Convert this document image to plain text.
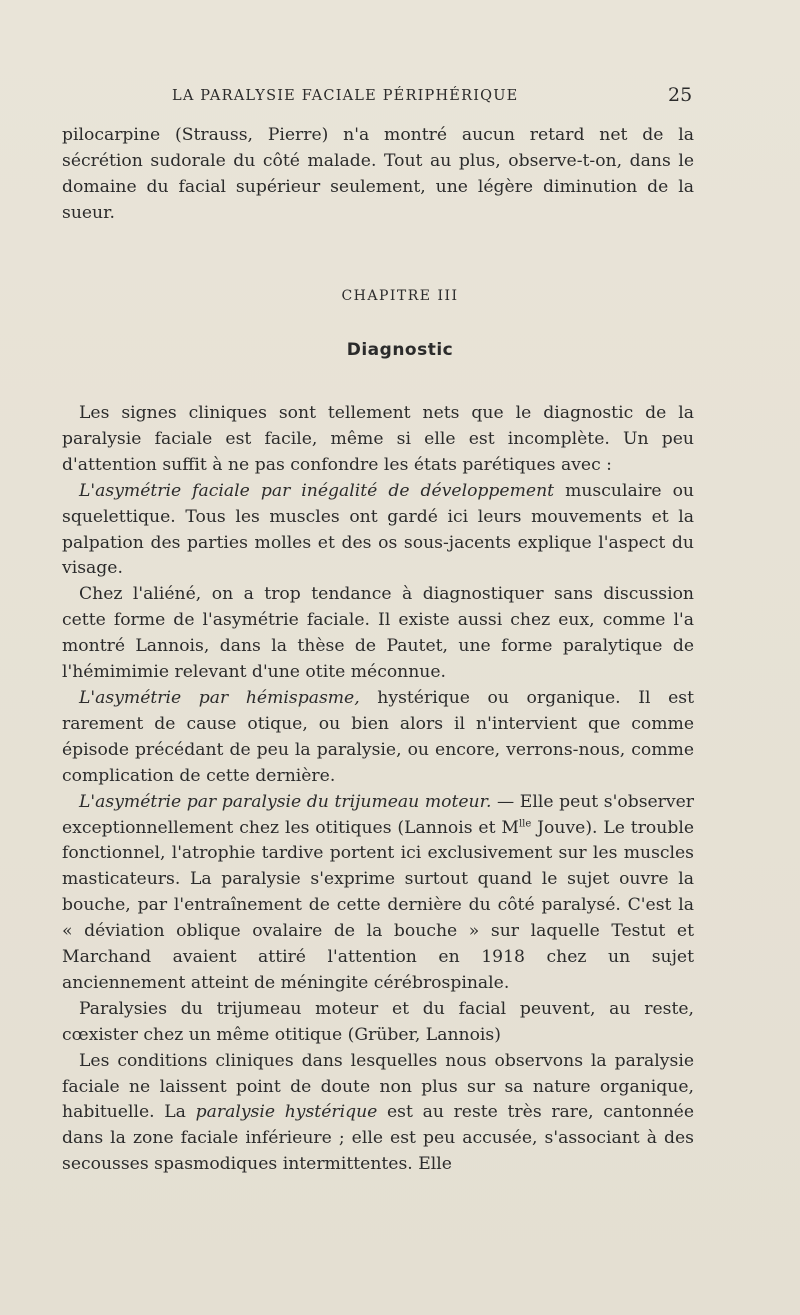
LA PARALYSIE FACIALE PÉRIPHÉRIQUE	25

pilocarpine (Strauss, Pierre) n'a montré aucun retard net de la sécrétion sudorale du côté malade. Tout au plus, observe-t-on, dans le domaine du facial supérieur seulement, une légère diminution de la sueur.

CHAPITRE III
Diagnostic

Les signes cliniques sont tellement nets que le diagnostic de la paralysie faciale est facile, même si elle est incomplète. Un peu d'attention suffit à ne pas confondre les états parétiques avec :

L'asymétrie faciale par inégalité de développement musculaire ou squelettique. Tous les muscles ont gardé ici leurs mouvements et la palpation des parties molles et des os sous-jacents explique l'aspect du visage.

Chez l'aliéné, on a trop tendance à diagnostiquer sans discussion cette forme de l'asymétrie faciale. Il existe aussi chez eux, comme l'a montré Lannois, dans la thèse de Pautet, une forme paralytique de l'hémimimie relevant d'une otite méconnue.

L'asymétrie par hémispasme, hystérique ou organique. Il est rarement de cause otique, ou bien alors il n'intervient que comme épisode précédant de peu la paralysie, ou encore, verrons-nous, comme complication de cette dernière.

L'asymétrie par paralysie du trijumeau moteur. — Elle peut s'observer exceptionnellement chez les otitiques (Lannois et $M^{lle}$ Jouve). Le trouble fonctionnel, l'atrophie tardive portent ici exclusivement sur les muscles masticateurs. La paralysie s'exprime surtout quand le sujet ouvre la bouche, par l'entraînement de cette dernière du côté paralysé. C'est la « déviation oblique ovalaire de la bouche » sur laquelle Testut et Marchand avaient attiré l'attention en 1918 chez un sujet anciennement atteint de méningite cérébrospinale.

Paralysies du trijumeau moteur et du facial peuvent, au reste, cœxister chez un même otitique (Grüber, Lannois)

Les conditions cliniques dans lesquelles nous observons la paralysie faciale ne laissent point de doute non plus sur sa nature organique, habituelle. La paralysie hystérique est au reste très rare, cantonnée dans la zone faciale inférieure ; elle est peu accusée, s'associant à des secousses spasmodiques intermittentes. Elle
